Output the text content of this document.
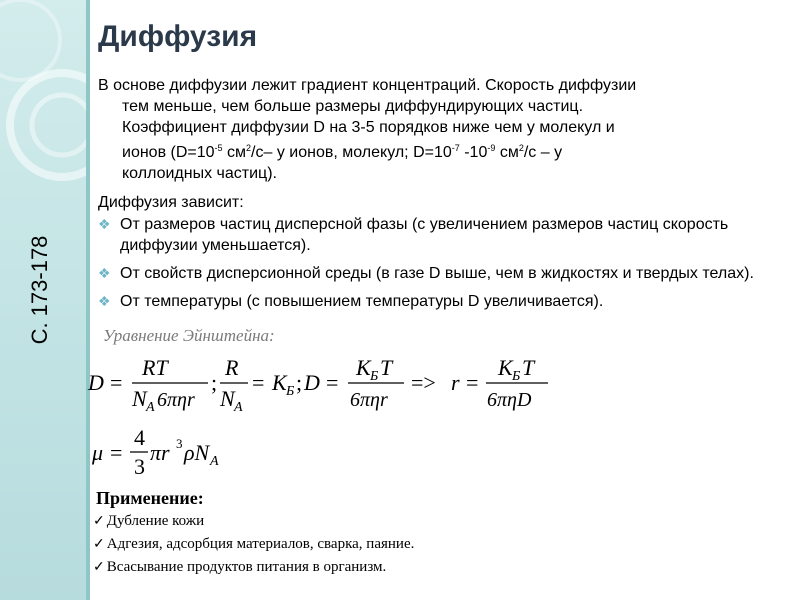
С. 173-178
Диффузия
В основе диффузии лежит градиент концентраций. Скорость диффузии
тем меньше, чем больше размеры диффундирующих частиц.
Коэффициент диффузии D на 3-5 порядков ниже чем у молекул и
ионов ($D=10^{-5}$ $см^2/с-$ у ионов, молекул; $D=10^{-7}$ $-10^{-9}$ $см^2/с$ – у
коллоидных частиц).
Диффузия зависит:
❖ От размеров частиц дисперсной фазы (с увеличением размеров частиц скорость диффузии уменьшается).
❖ От свойств дисперсионной среды (в газе D выше, чем в жидкостях и твердых телах).
❖ От температуры (с повышением температуры D увеличивается).
Уравнение Эйнштейна:
D =
RT
N A 6πηr
;
R
N A
= K Б ; D =
K Б T
6πηr
=> r =
K Б T
6πηD
μ =
4
3
πr 3 ρN A
Применение:
✓ Дубление кожи
✓ Адгезия, адсорбция материалов, сварка, паяние.
✓ Всасывание продуктов питания в организм.
